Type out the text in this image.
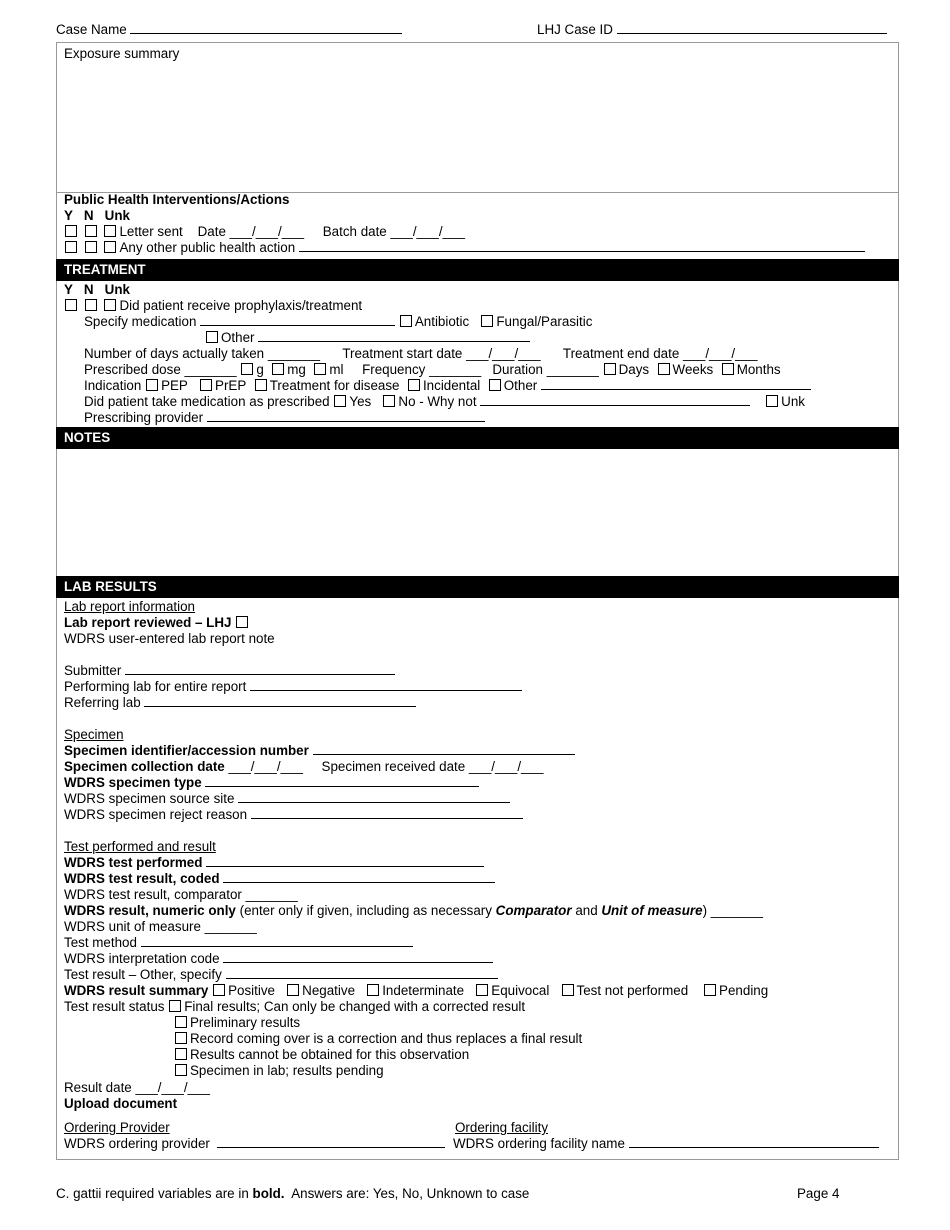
Case Name	LHJ Case ID
Exposure summary
Public Health Interventions/Actions
Y   N   Unk
Letter sent Date ___/___/___ Batch date ___/___/___
Any other public health action
TREATMENT
Y   N   Unk
Did patient receive prophylaxis/treatment
Specify medication	Antibiotic Fungal/Parasitic
Other
Number of days actually taken _______ Treatment start date ___/___/___ Treatment end date ___/___/___
Prescribed dose _______ g mg ml Frequency _______ Duration _______ Days Weeks Months
Indication PEP PrEP Treatment for disease Incidental Other
Did patient take medication as prescribed Yes No - Why not	Unk
Prescribing provider
NOTES
LAB RESULTS
Lab report information
Lab report reviewed – LHJ
WDRS user-entered lab report note
Submitter
Performing lab for entire report
Referring lab
Specimen
Specimen identifier/accession number
Specimen collection date ___/___/___ Specimen received date ___/___/___
WDRS specimen type
WDRS specimen source site
WDRS specimen reject reason
Test performed and result
WDRS test performed
WDRS test result, coded
WDRS test result, comparator _______
WDRS result, numeric only (enter only if given, including as necessary Comparator and Unit of measure) _______
WDRS unit of measure _______
Test method
WDRS interpretation code
Test result – Other, specify
WDRS result summary Positive Negative Indeterminate Equivocal Test not performed Pending
Test result status Final results; Can only be changed with a corrected result
Preliminary results
Record coming over is a correction and thus replaces a final result
Results cannot be obtained for this observation
Specimen in lab; results pending
Result date ___/___/___
Upload document
Ordering Provider	Ordering facility
WDRS ordering provider	WDRS ordering facility name
C. gattii required variables are in bold. Answers are: Yes, No, Unknown to case	Page 4
